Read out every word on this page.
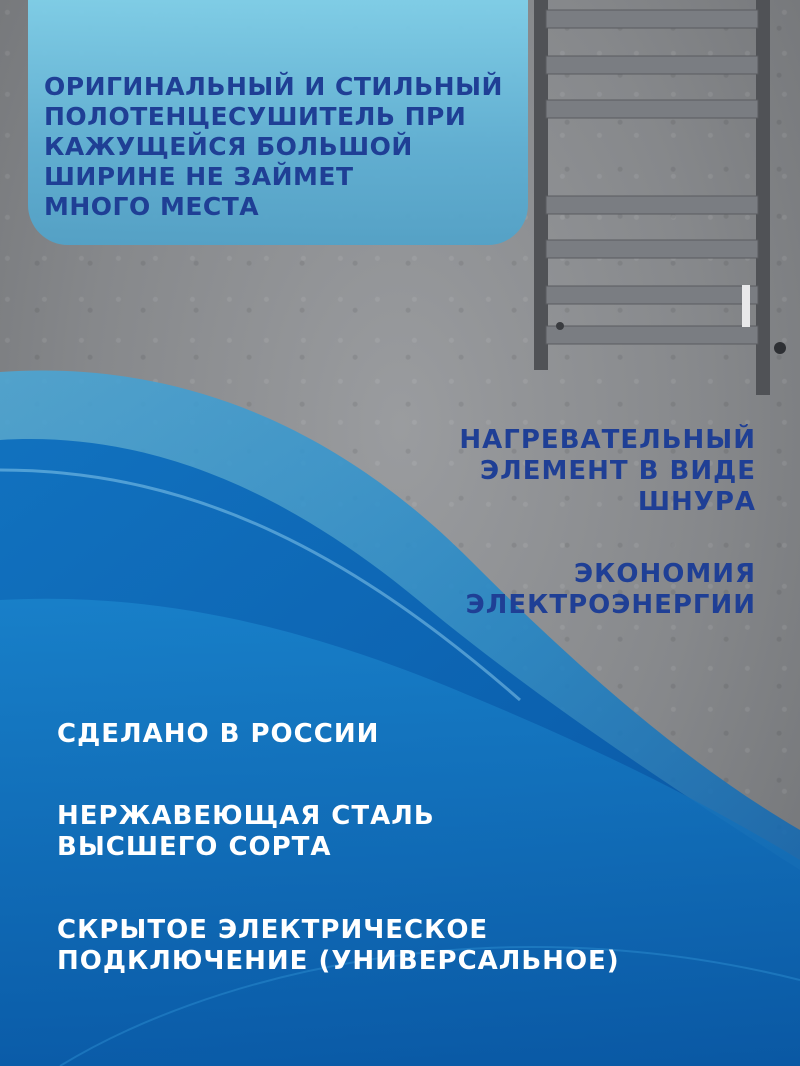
ОРИГИНАЛЬНЫЙ И СТИЛЬНЫЙ
ПОЛОТЕНЦЕСУШИТЕЛЬ ПРИ
КАЖУЩЕЙСЯ БОЛЬШОЙ
ШИРИНЕ НЕ ЗАЙМЕТ
МНОГО МЕСТА

НАГРЕВАТЕЛЬНЫЙ
ЭЛЕМЕНТ В ВИДЕ
ШНУРА

ЭКОНОМИЯ
ЭЛЕКТРОЭНЕРГИИ

СДЕЛАНО В РОССИИ

НЕРЖАВЕЮЩАЯ СТАЛЬ
ВЫСШЕГО СОРТА

СКРЫТОЕ ЭЛЕКТРИЧЕСКОЕ
ПОДКЛЮЧЕНИЕ (УНИВЕРСАЛЬНОЕ)
